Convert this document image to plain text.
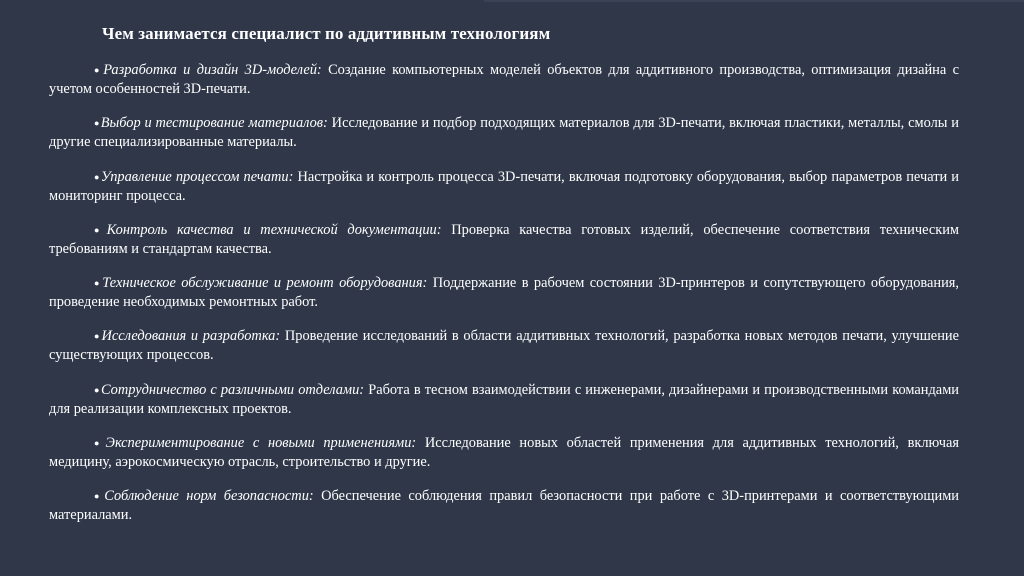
Чем занимается специалист по аддитивным технологиям

●Разработка и дизайн 3D-моделей: Создание компьютерных моделей объектов для аддитивного производства, оптимизация дизайна с учетом особенностей 3D-печати.

●Выбор и тестирование материалов: Исследование и подбор подходящих материалов для 3D-печати, включая пластики, металлы, смолы и другие специализированные материалы.

●Управление процессом печати: Настройка и контроль процесса 3D-печати, включая подготовку оборудования, выбор параметров печати и мониторинг процесса.

●Контроль качества и технической документации: Проверка качества готовых изделий, обеспечение соответствия техническим требованиям и стандартам качества.

●Техническое обслуживание и ремонт оборудования: Поддержание в рабочем состоянии 3D-принтеров и сопутствующего оборудования, проведение необходимых ремонтных работ.

●Исследования и разработка: Проведение исследований в области аддитивных технологий, разработка новых методов печати, улучшение существующих процессов.

●Сотрудничество с различными отделами: Работа в тесном взаимодействии с инженерами, дизайнерами и производственными командами для реализации комплексных проектов.

●Экспериментирование с новыми применениями: Исследование новых областей применения для аддитивных технологий, включая медицину, аэрокосмическую отрасль, строительство и другие.

●Соблюдение норм безопасности: Обеспечение соблюдения правил безопасности при работе с 3D-принтерами и соответствующими материалами.
